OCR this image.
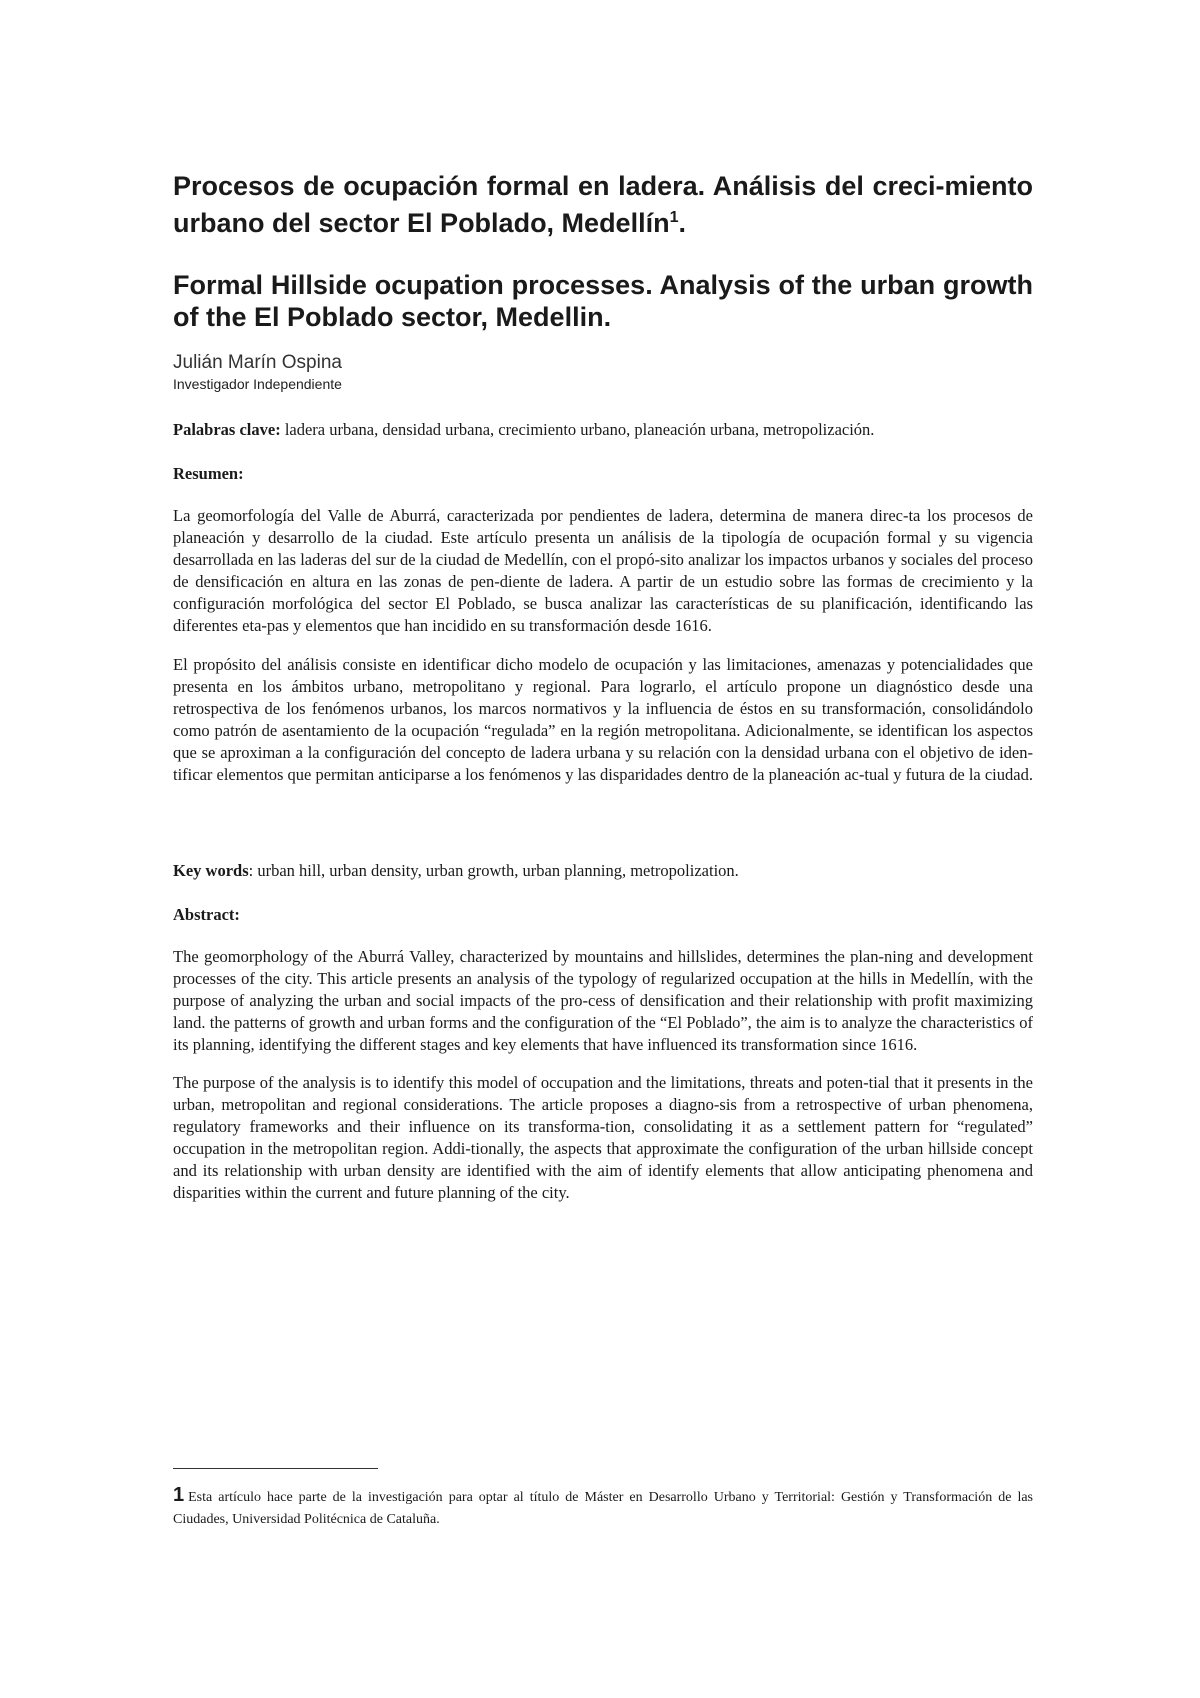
Procesos de ocupación formal en ladera. Análisis del creci-miento urbano del sector El Poblado, Medellín$^1$.
Formal Hillside ocupation processes. Analysis of the urban growth of the El Poblado sector, Medellin.
Julián Marín Ospina
Investigador Independiente
Palabras clave: ladera urbana, densidad urbana, crecimiento urbano, planeación urbana, metropolización.
Resumen:

La geomorfología del Valle de Aburrá, caracterizada por pendientes de ladera, determina de manera direc-ta los procesos de planeación y desarrollo de la ciudad. Este artículo presenta un análisis de la tipología de ocupación formal y su vigencia desarrollada en las laderas del sur de la ciudad de Medellín, con el propó-sito analizar los impactos urbanos y sociales del proceso de densificación en altura en las zonas de pen-diente de ladera. A partir de un estudio sobre las formas de crecimiento y la configuración morfológica del sector El Poblado, se busca analizar las características de su planificación, identificando las diferentes eta-pas y elementos que han incidido en su transformación desde 1616.

El propósito del análisis consiste en identificar dicho modelo de ocupación y las limitaciones, amenazas y potencialidades que presenta en los ámbitos urbano, metropolitano y regional. Para lograrlo, el artículo propone un diagnóstico desde una retrospectiva de los fenómenos urbanos, los marcos normativos y la influencia de éstos en su transformación, consolidándolo como patrón de asentamiento de la ocupación “regulada” en la región metropolitana. Adicionalmente, se identifican los aspectos que se aproximan a la configuración del concepto de ladera urbana y su relación con la densidad urbana con el objetivo de iden-tificar elementos que permitan anticiparse a los fenómenos y las disparidades dentro de la planeación ac-tual y futura de la ciudad.

Key words: urban hill, urban density, urban growth, urban planning, metropolization.
Abstract:

The geomorphology of the Aburrá Valley, characterized by mountains and hillslides, determines the plan-ning and development processes of the city. This article presents an analysis of the typology of regularized occupation at the hills in Medellín, with the purpose of analyzing the urban and social impacts of the pro-cess of densification and their relationship with profit maximizing land. the patterns of growth and urban forms and the configuration of the “El Poblado”, the aim is to analyze the characteristics of its planning, identifying the different stages and key elements that have influenced its transformation since 1616.

The purpose of the analysis is to identify this model of occupation and the limitations, threats and poten-tial that it presents in the urban, metropolitan and regional considerations. The article proposes a diagno-sis from a retrospective of urban phenomena, regulatory frameworks and their influence on its transforma-tion, consolidating it as a settlement pattern for “regulated” occupation in the metropolitan region. Addi-tionally, the aspects that approximate the configuration of the urban hillside concept and its relationship with urban density are identified with the aim of identify elements that allow anticipating phenomena and disparities within the current and future planning of the city.

1 Esta artículo hace parte de la investigación para optar al título de Máster en Desarrollo Urbano y Territorial: Gestión y Transformación de las Ciudades, Universidad Politécnica de Cataluña.
